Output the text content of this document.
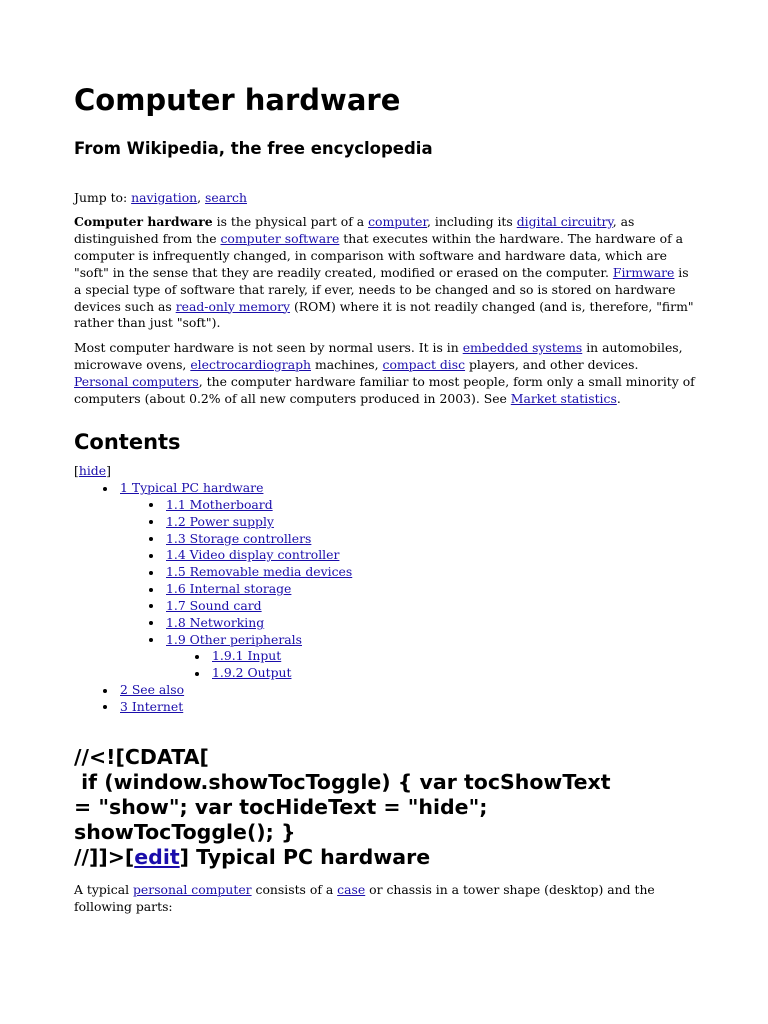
Computer hardware
From Wikipedia, the free encyclopedia
Jump to: navigation, search

Computer hardware is the physical part of a computer, including its digital circuitry, as distinguished from the computer software that executes within the hardware. The hardware of a computer is infrequently changed, in comparison with software and hardware data, which are "soft" in the sense that they are readily created, modified or erased on the computer. Firmware is a special type of software that rarely, if ever, needs to be changed and so is stored on hardware devices such as read-only memory (ROM) where it is not readily changed (and is, therefore, "firm" rather than just "soft").

Most computer hardware is not seen by normal users. It is in embedded systems in automobiles, microwave ovens, electrocardiograph machines, compact disc players, and other devices. Personal computers, the computer hardware familiar to most people, form only a small minority of computers (about 0.2% of all new computers produced in 2003). See Market statistics.

Contents
[hide]
1 Typical PC hardware
1.1 Motherboard
1.2 Power supply
1.3 Storage controllers
1.4 Video display controller
1.5 Removable media devices
1.6 Internal storage
1.7 Sound card
1.8 Networking
1.9 Other peripherals
1.9.1 Input
1.9.2 Output
2 See also
3 Internet
//<![CDATA[
if (window.showTocToggle) { var tocShowText
= "show"; var tocHideText = "hide";
showTocToggle(); }
//]]>[edit] Typical PC hardware

A typical personal computer consists of a case or chassis in a tower shape (desktop) and the following parts:
